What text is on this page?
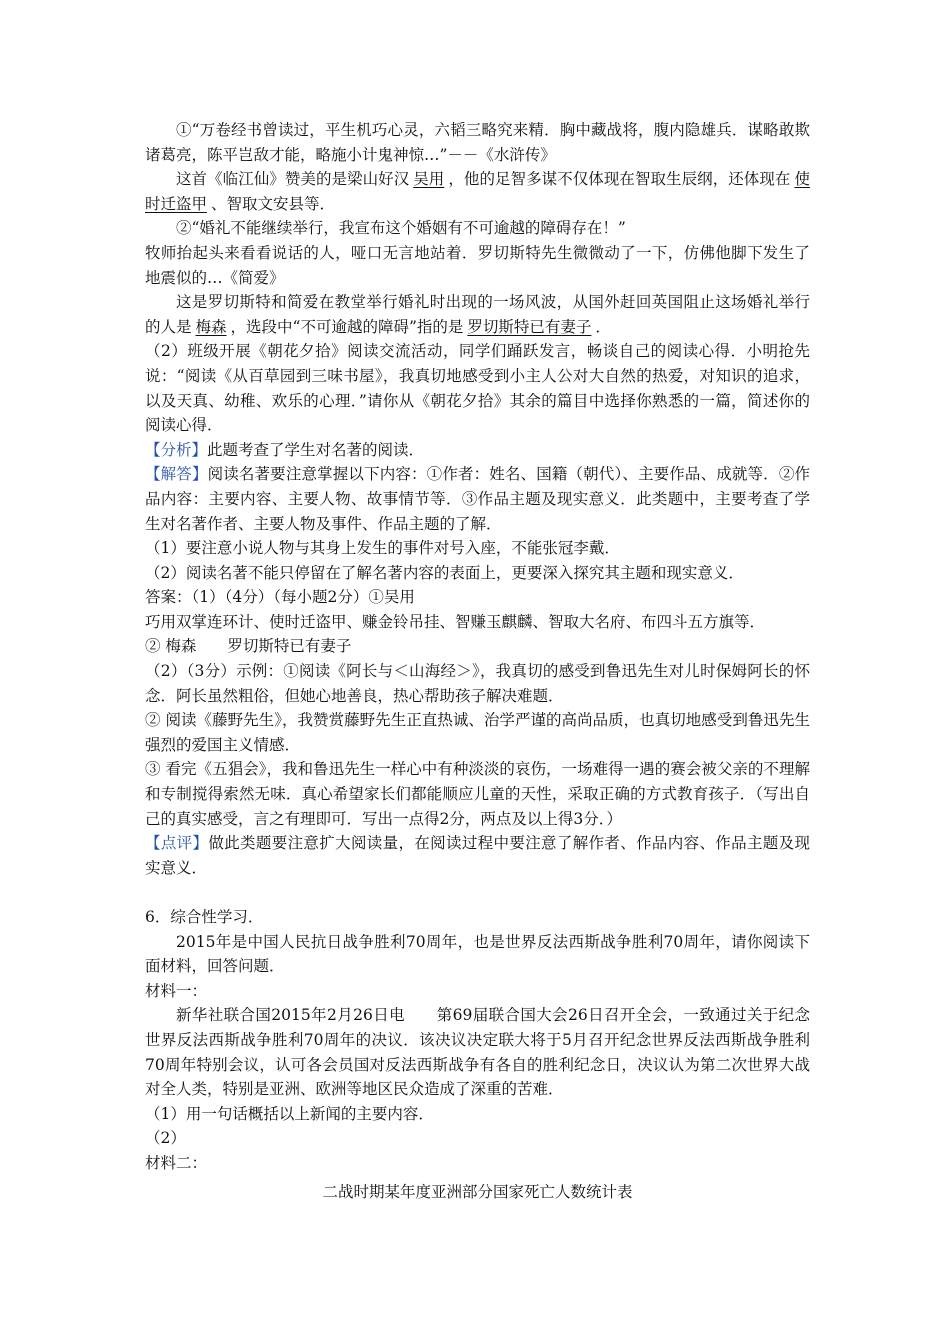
①“万卷经书曾读过，平生机巧心灵，六韬三略究来精．胸中藏战将，腹内隐雄兵．谋略敢欺诸葛亮，陈平岂敌才能，略施小计鬼神惊…”－－《水浒传》

这首《临江仙》赞美的是梁山好汉 吴用 ，他的足智多谋不仅体现在智取生辰纲，还体现在 使时迁盗甲 、智取文安县等．

②“婚礼不能继续举行，我宣布这个婚姻有不可逾越的障碍存在！”

牧师抬起头来看看说话的人，哑口无言地站着．罗切斯特先生微微动了一下，仿佛他脚下发生了地震似的…《简爱》

这是罗切斯特和简爱在教堂举行婚礼时出现的一场风波，从国外赶回英国阻止这场婚礼举行的人是 梅森 ，选段中“不可逾越的障碍”指的是 罗切斯特已有妻子 ．

（2）班级开展《朝花夕拾》阅读交流活动，同学们踊跃发言，畅谈自己的阅读心得．小明抢先说：“阅读《从百草园到三味书屋》，我真切地感受到小主人公对大自然的热爱，对知识的追求，以及天真、幼稚、欢乐的心理．”请你从《朝花夕拾》其余的篇目中选择你熟悉的一篇，简述你的阅读心得．

【分析】此题考查了学生对名著的阅读．

【解答】阅读名著要注意掌握以下内容：①作者：姓名、国籍（朝代）、主要作品、成就等．②作品内容：主要内容、主要人物、故事情节等．③作品主题及现实意义．此类题中，主要考查了学生对名著作者、主要人物及事件、作品主题的了解．

（1）要注意小说人物与其身上发生的事件对号入座，不能张冠李戴．

（2）阅读名著不能只停留在了解名著内容的表面上，更要深入探究其主题和现实意义．

答案：（1）（4分）（每小题2分）①吴用

巧用双掌连环计、使时迁盗甲、赚金铃吊挂、智赚玉麒麟、智取大名府、布四斗五方旗等．

② 梅森　　罗切斯特已有妻子

（2）（3分）示例：①阅读《阿长与＜山海经＞》，我真切的感受到鲁迅先生对儿时保姆阿长的怀念．阿长虽然粗俗，但她心地善良，热心帮助孩子解决难题．

② 阅读《藤野先生》，我赞赏藤野先生正直热诚、治学严谨的高尚品质，也真切地感受到鲁迅先生强烈的爱国主义情感．

③ 看完《五猖会》，我和鲁迅先生一样心中有种淡淡的哀伤，一场难得一遇的赛会被父亲的不理解和专制搅得索然无味．真心希望家长们都能顺应儿童的天性，采取正确的方式教育孩子．（写出自己的真实感受，言之有理即可．写出一点得2分，两点及以上得3分．）

【点评】做此类题要注意扩大阅读量，在阅读过程中要注意了解作者、作品内容、作品主题及现实意义．

6．综合性学习．

2015年是中国人民抗日战争胜利70周年，也是世界反法西斯战争胜利70周年，请你阅读下面材料，回答问题．

材料一：

新华社联合国2015年2月26日电　　第69届联合国大会26日召开全会，一致通过关于纪念世界反法西斯战争胜利70周年的决议．该决议决定联大将于5月召开纪念世界反法西斯战争胜利70周年特别会议，认可各会员国对反法西斯战争有各自的胜利纪念日，决议认为第二次世界大战对全人类，特别是亚洲、欧洲等地区民众造成了深重的苦难．

（1）用一句话概括以上新闻的主要内容．

（2）

材料二：

二战时期某年度亚洲部分国家死亡人数统计表
